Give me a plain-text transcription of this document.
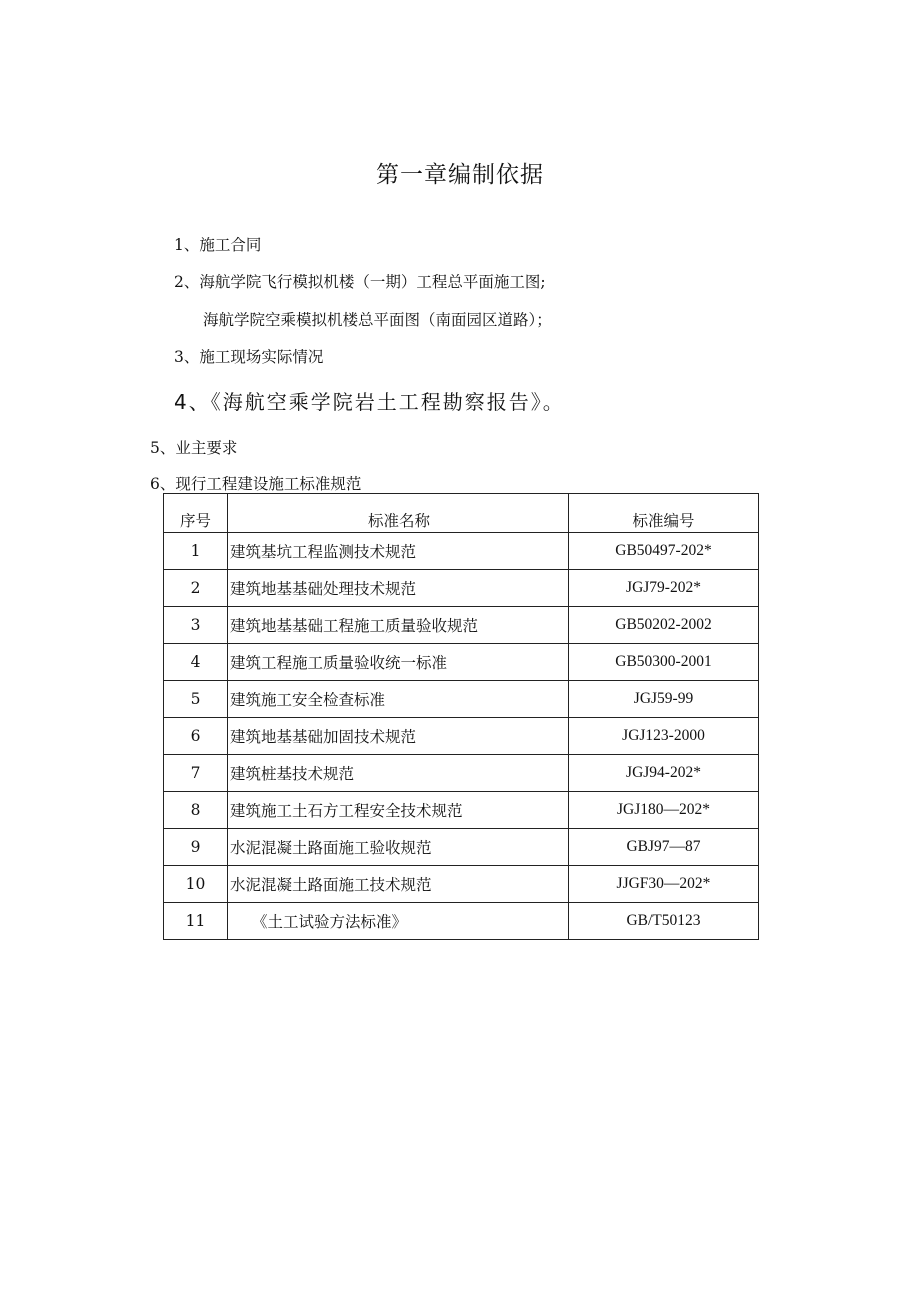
第一章编制依据
1、施工合同
2、海航学院飞行模拟机楼（一期）工程总平面施工图;
海航学院空乘模拟机楼总平面图（南面园区道路）；
3、施工现场实际情况
4、《海航空乘学院岩土工程勘察报告》。
5、业主要求
6、现行工程建设施工标准规范
序号	标准名称	标准编号
1	建筑基坑工程监测技术规范	GB50497-202*
2	建筑地基基础处理技术规范	JGJ79-202*
3	建筑地基基础工程施工质量验收规范	GB50202-2002
4	建筑工程施工质量验收统一标准	GB50300-2001
5	建筑施工安全检查标准	JGJ59-99
6	建筑地基基础加固技术规范	JGJ123-2000
7	建筑桩基技术规范	JGJ94-202*
8	建筑施工土石方工程安全技术规范	JGJ180—202*
9	水泥混凝土路面施工验收规范	GBJ97—87
10	水泥混凝土路面施工技术规范	JJGF30—202*
11	《土工试验方法标准》	GB/T50123
